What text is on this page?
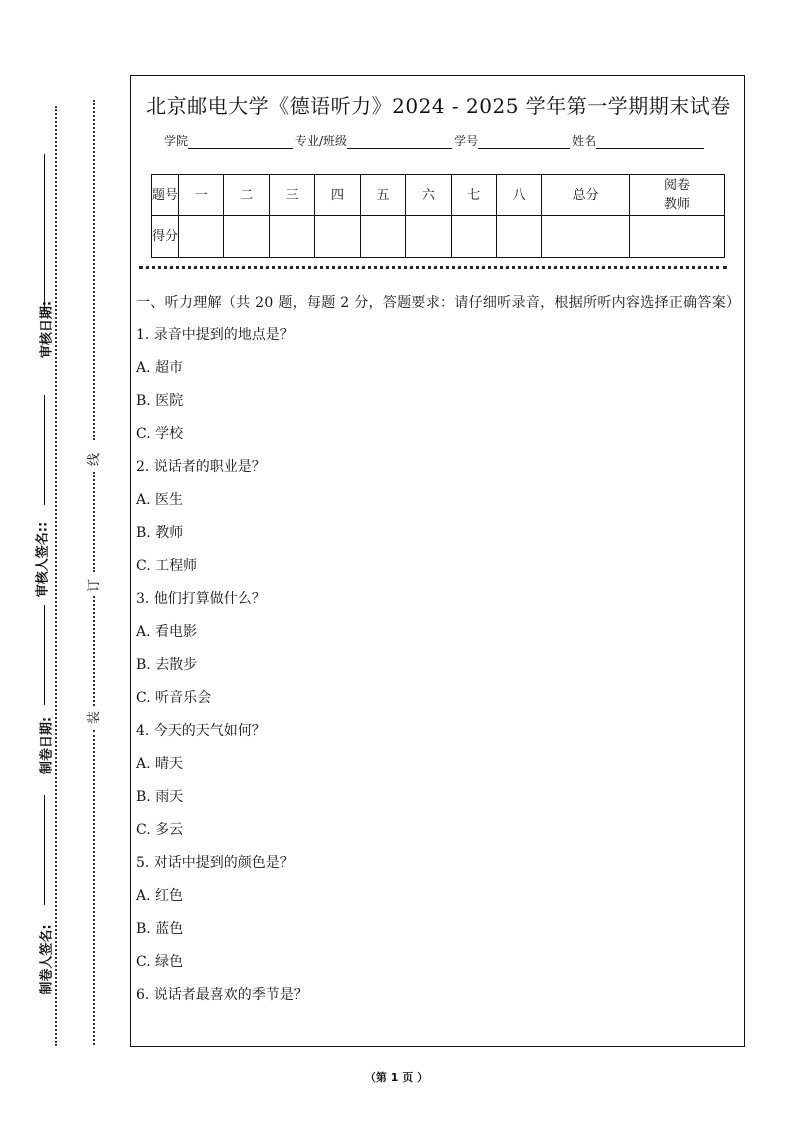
审核日期:
审核人签名::
制卷日期:
制卷人签名:
线
订
装
北京邮电大学《德语听力》2024 - 2025 学年第一学期期末试卷
学院	专业/班级	学号	姓名
题号	一	二	三	四	五	六	七	八	总分	阅卷
教师
得分										
一、听力理解（共 20 题，每题 2 分，答题要求：请仔细听录音，根据所听内容选择正确答案）
1. 录音中提到的地点是？
A. 超市
B. 医院
C. 学校
2. 说话者的职业是？
A. 医生
B. 教师
C. 工程师
3. 他们打算做什么？
A. 看电影
B. 去散步
C. 听音乐会
4. 今天的天气如何？
A. 晴天
B. 雨天
C. 多云
5. 对话中提到的颜色是？
A. 红色
B. 蓝色
C. 绿色
6. 说话者最喜欢的季节是？
（第 1 页 ）
